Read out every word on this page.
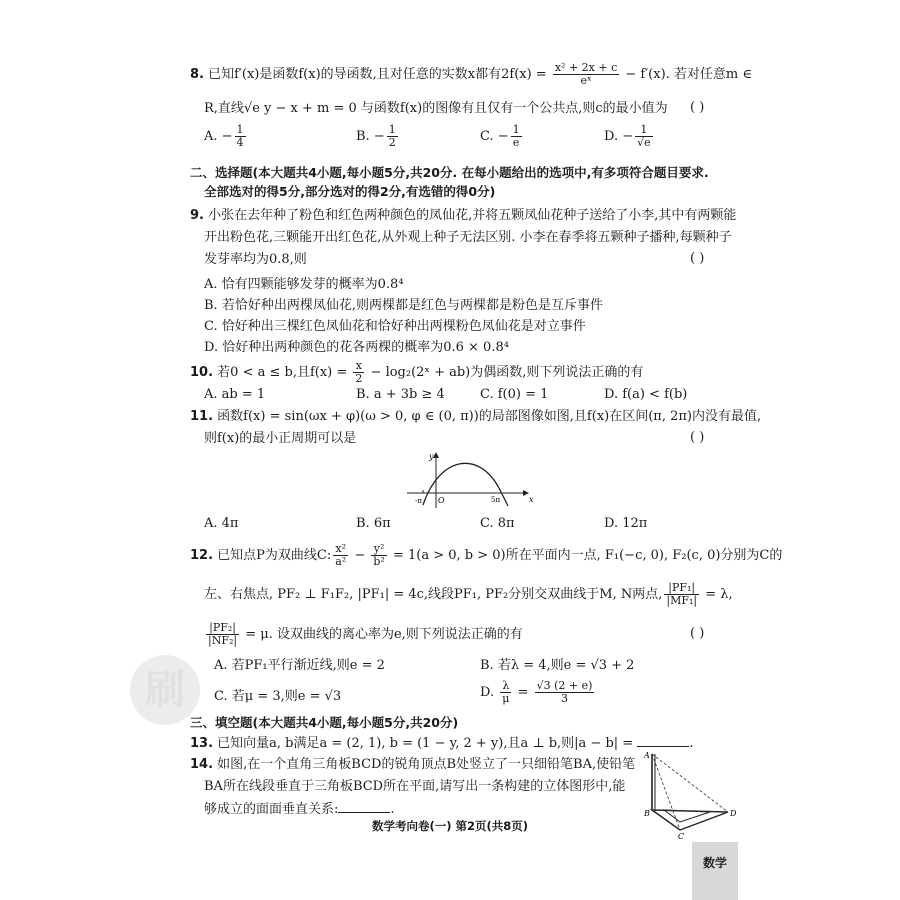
8. 已知f′(x)是函数f(x)的导函数,且对任意的实数x都有$2f(x) = \frac{\text{x² + 2x + c}}{\text{eˣ}} - f'(x)$. 若对任意m ∈
R,直线√e y − x + m = 0 与函数f(x)的图像有且仅有一个公共点,则c的最小值为 ( )
A. − $\frac{1}{4}$	B. − $\frac{1}{2}$	C. − $\frac{1}{e}$	D. − $\frac{1}{√e}$
二、选择题(本大题共4小题,每小题5分,共20分. 在每小题给出的选项中,有多项符合题目要求.
全部选对的得5分,部分选对的得2分,有选错的得0分)
9. 小张在去年种了粉色和红色两种颜色的凤仙花,并将五颗凤仙花种子送给了小李,其中有两颗能
开出粉色花,三颗能开出红色花,从外观上种子无法区别. 小李在春季将五颗种子播种,每颗种子
发芽率均为0.8,则	( )
A. 恰有四颗能够发芽的概率为0.8⁴
B. 若恰好种出两棵凤仙花,则两棵都是红色与两棵都是粉色是互斥事件
C. 恰好种出三棵红色凤仙花和恰好种出两棵粉色凤仙花是对立事件
D. 恰好种出两种颜色的花各两棵的概率为0.6 × 0.8⁴
10. 若0 < a ≤ b,且$f(x) = \frac{x}{2}$ − log₂(2ˣ + ab)为偶函数,则下列说法正确的有
A. ab = 1	B. a + 3b ≥ 4	C. f(0) = 1	D. f(a) < f(b)
11. 函数f(x) = sin(ωx + φ)(ω > 0, φ ∈ (0, π))的局部图像如图,且f(x)在区间(π, 2π)内没有最值,
则f(x)的最小正周期可以是	( )
y
x
O
-π	5π
A. 4π	B. 6π	C. 8π	D. 12π
12. 已知点P为双曲线C: $\frac{\text{x²}}{\text{a²}} - \frac{\text{y²}}{\text{b²}} = 1(a > 0$, b > 0)所在平面内一点, F₁(−c, 0), F₂(c, 0)分别为C的
左、右焦点, PF₂ ⊥ F₁F₂, |PF₁| = 4c,线段PF₁, PF₂分别交双曲线于M, N两点, $\frac{\text{|PF₁|}}{\text{|MF₁|}} = \lambda$,
$\frac{\text{|PF₂|}}{\text{|NF₂|}} = \mu$. 设双曲线的离心率为e,则下列说法正确的有	( )
A. 若PF₁平行渐近线,则e = 2	B. 若λ = 4,则e = √3 + 2
C. 若μ = 3,则e = √3	D. $\frac{\lambda}{\mu} = \frac{√3 (2 + e)}{3}$
刷
三、填空题(本大题共4小题,每小题5分,共20分)
13. 已知向量a, b满足a = (2, 1), b = (1 − y, 2 + y),且a ⊥ b,则|a − b| =	.
14. 如图,在一个直角三角板BCD的锐角顶点B处竖立了一只细铅笔BA,使铅笔
BA所在线段垂直于三角板BCD所在平面,请写出一条构建的立体图形中,能
够成立的面面垂直关系:	.
A
B
C
D
数学考向卷(一) 第2页(共8页)
数学
